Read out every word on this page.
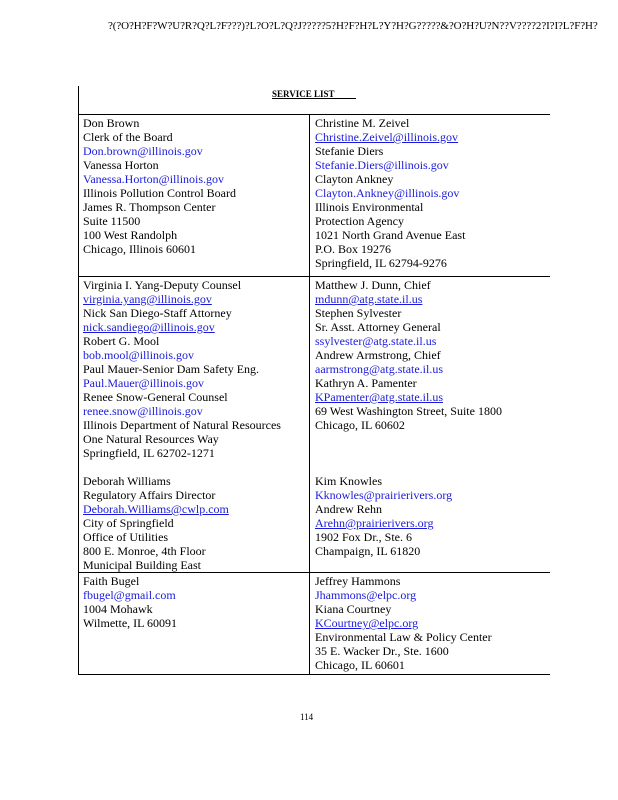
?(?O?H?F?W?U?R?Q?L?F???)?L?O?L?Q?J?????5?H?F?H?L?Y?H?G?????&?O?H?U?N??V????2?I?I?L?F?H?
SERVICE LIST
Don Brown
Clerk of the Board
Don.brown@illinois.gov
Vanessa Horton
Vanessa.Horton@illinois.gov
Illinois Pollution Control Board
James R. Thompson Center
Suite 11500
100 West Randolph
Chicago, Illinois 60601
Christine M. Zeivel
Christine.Zeivel@illinois.gov
Stefanie Diers
Stefanie.Diers@illinois.gov
Clayton Ankney
Clayton.Ankney@illinois.gov
Illinois Environmental
Protection Agency
1021 North Grand Avenue East
P.O. Box 19276
Springfield, IL 62794-9276
Virginia I. Yang-Deputy Counsel
virginia.yang@illinois.gov
Nick San Diego-Staff Attorney
nick.sandiego@illinois.gov
Robert G. Mool
bob.mool@illinois.gov
Paul Mauer-Senior Dam Safety Eng.
Paul.Mauer@illinois.gov
Renee Snow-General Counsel
renee.snow@illinois.gov
Illinois Department of Natural Resources
One Natural Resources Way
Springfield, IL 62702-1271
Deborah Williams
Regulatory Affairs Director
Deborah.Williams@cwlp.com
City of Springfield
Office of Utilities
800 E. Monroe, 4th Floor
Municipal Building East
Matthew J. Dunn, Chief
mdunn@atg.state.il.us
Stephen Sylvester
Sr. Asst. Attorney General
ssylvester@atg.state.il.us
Andrew Armstrong, Chief
aarmstrong@atg.state.il.us
Kathryn A. Pamenter
KPamenter@atg.state.il.us
69 West Washington Street, Suite 1800
Chicago, IL 60602
Kim Knowles
Kknowles@prairierivers.org
Andrew Rehn
Arehn@prairierivers.org
1902 Fox Dr., Ste. 6
Champaign, IL 61820
Faith Bugel
fbugel@gmail.com
1004 Mohawk
Wilmette, IL 60091
Jeffrey Hammons
Jhammons@elpc.org
Kiana Courtney
KCourtney@elpc.org
Environmental Law & Policy Center
35 E. Wacker Dr., Ste. 1600
Chicago, IL 60601
114
